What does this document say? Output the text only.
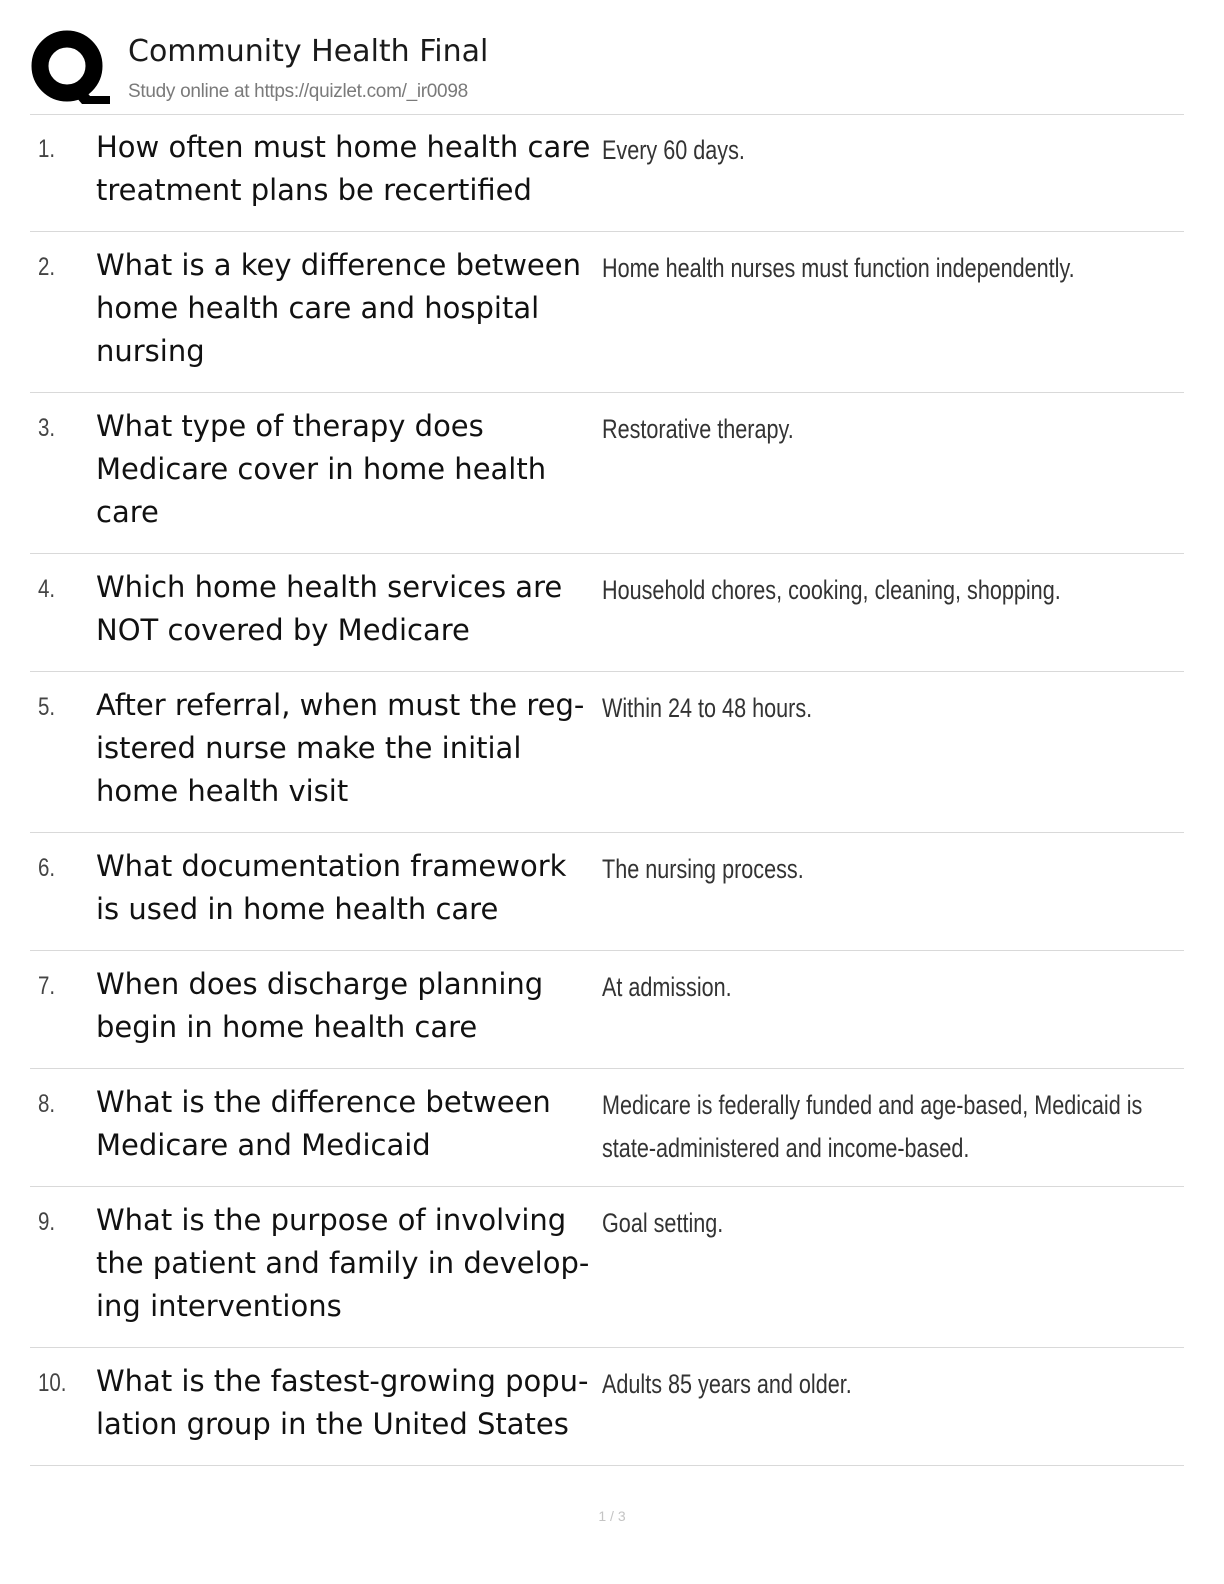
Community Health Final
Study online at https://quizlet.com/_ir0098
1. How often must home health care treatment plans be recertified
Every 60 days.
2. What is a key difference between home health care and hospital nursing
Home health nurses must function independently.
3. What type of therapy does Medicare cover in home health care
Restorative therapy.
4. Which home health services are NOT covered by Medicare
Household chores, cooking, cleaning, shopping.
5. After referral, when must the reg-istered nurse make the initial home health visit
Within 24 to 48 hours.
6. What documentation framework is used in home health care
The nursing process.
7. When does discharge planning begin in home health care
At admission.
8. What is the difference between Medicare and Medicaid
Medicare is federally funded and age-based, Medicaid is state-administered and income-based.
9. What is the purpose of involving the patient and family in develop-ing interventions
Goal setting.
10. What is the fastest-growing popu-lation group in the United States
Adults 85 years and older.
1 / 3
